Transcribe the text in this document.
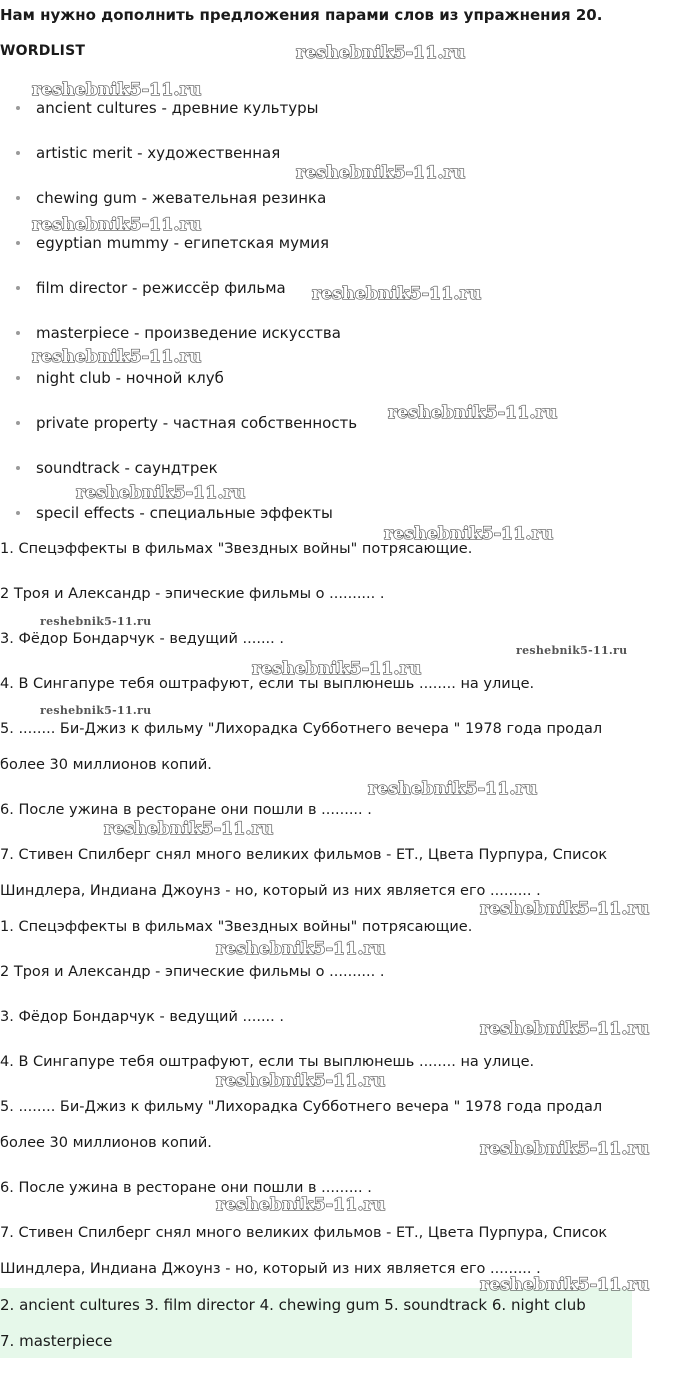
Нам нужно дополнить предложения парами слов из упражнения 20.
WORDLIST
ancient cultures - древние культуры
artistic merit - художественная
chewing gum - жевательная резинка
egyptian mummy - египетская мумия
film director - режиссёр фильма
masterpiece - произведение искусства
night club - ночной клуб
private property - частная собственность
soundtrack - саундтрек
specil effects - специальные эффекты
1. Спецэффекты в фильмах "Звездных войны" потрясающие.
2 Троя и Александр - эпические фильмы о .......... .
3. Фёдор Бондарчук - ведущий ....... .
4. В Сингапуре тебя оштрафуют, если ты выплюнешь ........ на улице.
5. ........ Би-Джиз к фильму "Лихорадка Субботнего вечера " 1978 года продал
более 30 миллионов копий.
6. После ужина в ресторане они пошли в ......... .
7. Стивен Спилберг снял много великих фильмов - ЕТ., Цвета Пурпура, Список
Шиндлера, Индиана Джоунз - но, который из них является его ......... .
1. Спецэффекты в фильмах "Звездных войны" потрясающие.
2 Троя и Александр - эпические фильмы о .......... .
3. Фёдор Бондарчук - ведущий ....... .
4. В Сингапуре тебя оштрафуют, если ты выплюнешь ........ на улице.
5. ........ Би-Джиз к фильму "Лихорадка Субботнего вечера " 1978 года продал
более 30 миллионов копий.
6. После ужина в ресторане они пошли в ......... .
7. Стивен Спилберг снял много великих фильмов - ЕТ., Цвета Пурпура, Список
Шиндлера, Индиана Джоунз - но, который из них является его ......... .
2. ancient cultures 3. film director 4. chewing gum 5. soundtrack 6. night club
7. masterpiece
reshebnik5-11.ru
reshebnik5-11.ru
reshebnik5-11.ru
reshebnik5-11.ru
reshebnik5-11.ru
reshebnik5-11.ru
reshebnik5-11.ru
reshebnik5-11.ru
reshebnik5-11.ru
reshebnik5-11.ru
reshebnik5-11.ru
reshebnik5-11.ru
reshebnik5-11.ru
reshebnik5-11.ru
reshebnik5-11.ru
reshebnik5-11.ru
reshebnik5-11.ru
reshebnik5-11.ru
reshebnik5-11.ru
reshebnik5-11.ru
reshebnik5-11.ru
reshebnik5-11.ru
